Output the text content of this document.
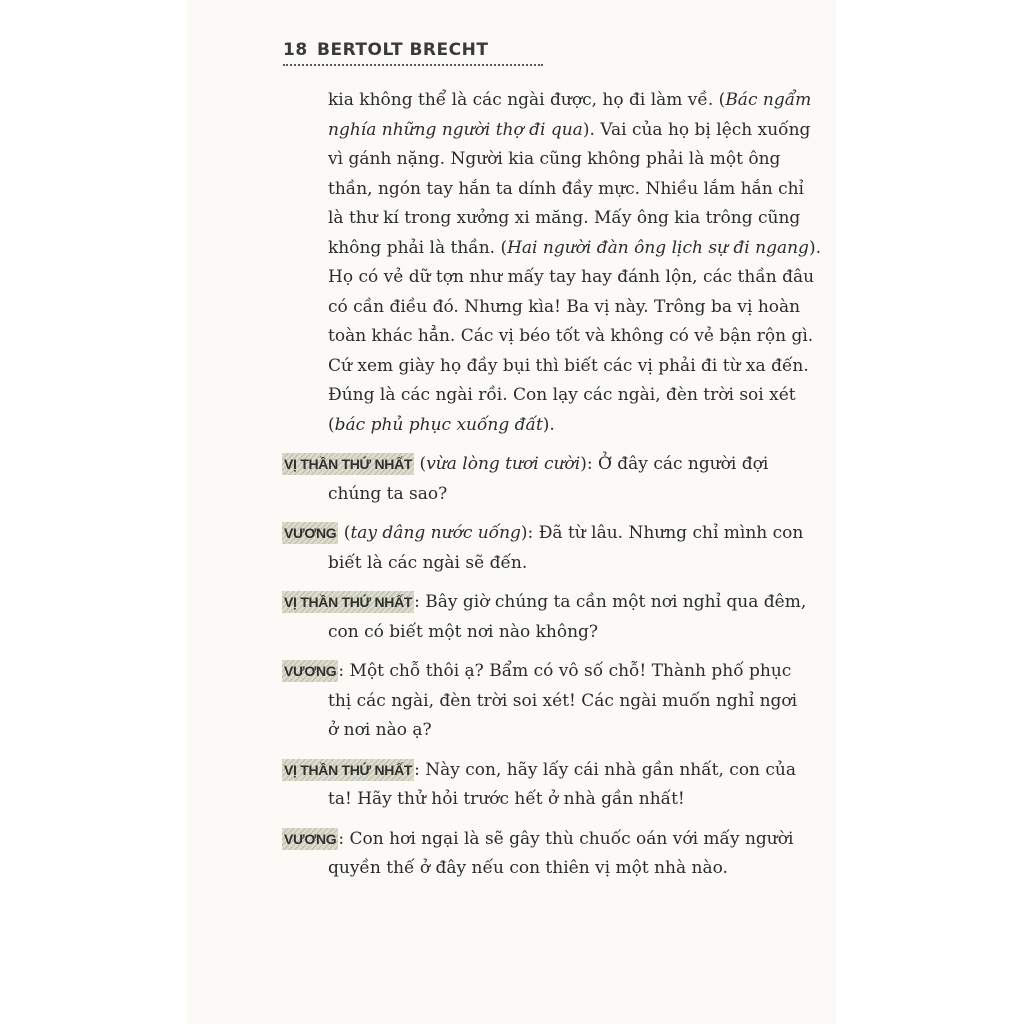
18 BERTOLT BRECHT
kia không thể là các ngài được, họ đi làm về. (Bác ngẩm
nghía những người thợ đi qua). Vai của họ bị lệch xuống
vì gánh nặng. Người kia cũng không phải là một ông
thần, ngón tay hắn ta dính đầy mực. Nhiều lắm hắn chỉ
là thư kí trong xưởng xi măng. Mấy ông kia trông cũng
không phải là thần. (Hai người đàn ông lịch sự đi ngang).
Họ có vẻ dữ tợn như mấy tay hay đánh lộn, các thần đâu
có cần điều đó. Nhưng kìa! Ba vị này. Trông ba vị hoàn
toàn khác hẳn. Các vị béo tốt và không có vẻ bận rộn gì.
Cứ xem giày họ đầy bụi thì biết các vị phải đi từ xa đến.
Đúng là các ngài rồi. Con lạy các ngài, đèn trời soi xét
(bác phủ phục xuống đất).
VỊ THẦN THỨ NHẤT (vừa lòng tươi cười): Ở đây các người đợi
chúng ta sao?
VƯƠNG (tay dâng nước uống): Đã từ lâu. Nhưng chỉ mình con
biết là các ngài sẽ đến.
VỊ THẦN THỨ NHẤT : Bây giờ chúng ta cần một nơi nghỉ qua đêm,
con có biết một nơi nào không?
VƯƠNG : Một chỗ thôi ạ? Bẩm có vô số chỗ! Thành phố phục
thị các ngài, đèn trời soi xét! Các ngài muốn nghỉ ngơi
ở nơi nào ạ?
VỊ THẦN THỨ NHẤT : Này con, hãy lấy cái nhà gần nhất, con của
ta! Hãy thử hỏi trước hết ở nhà gần nhất!
VƯƠNG : Con hơi ngại là sẽ gây thù chuốc oán với mấy người
quyền thế ở đây nếu con thiên vị một nhà nào.
